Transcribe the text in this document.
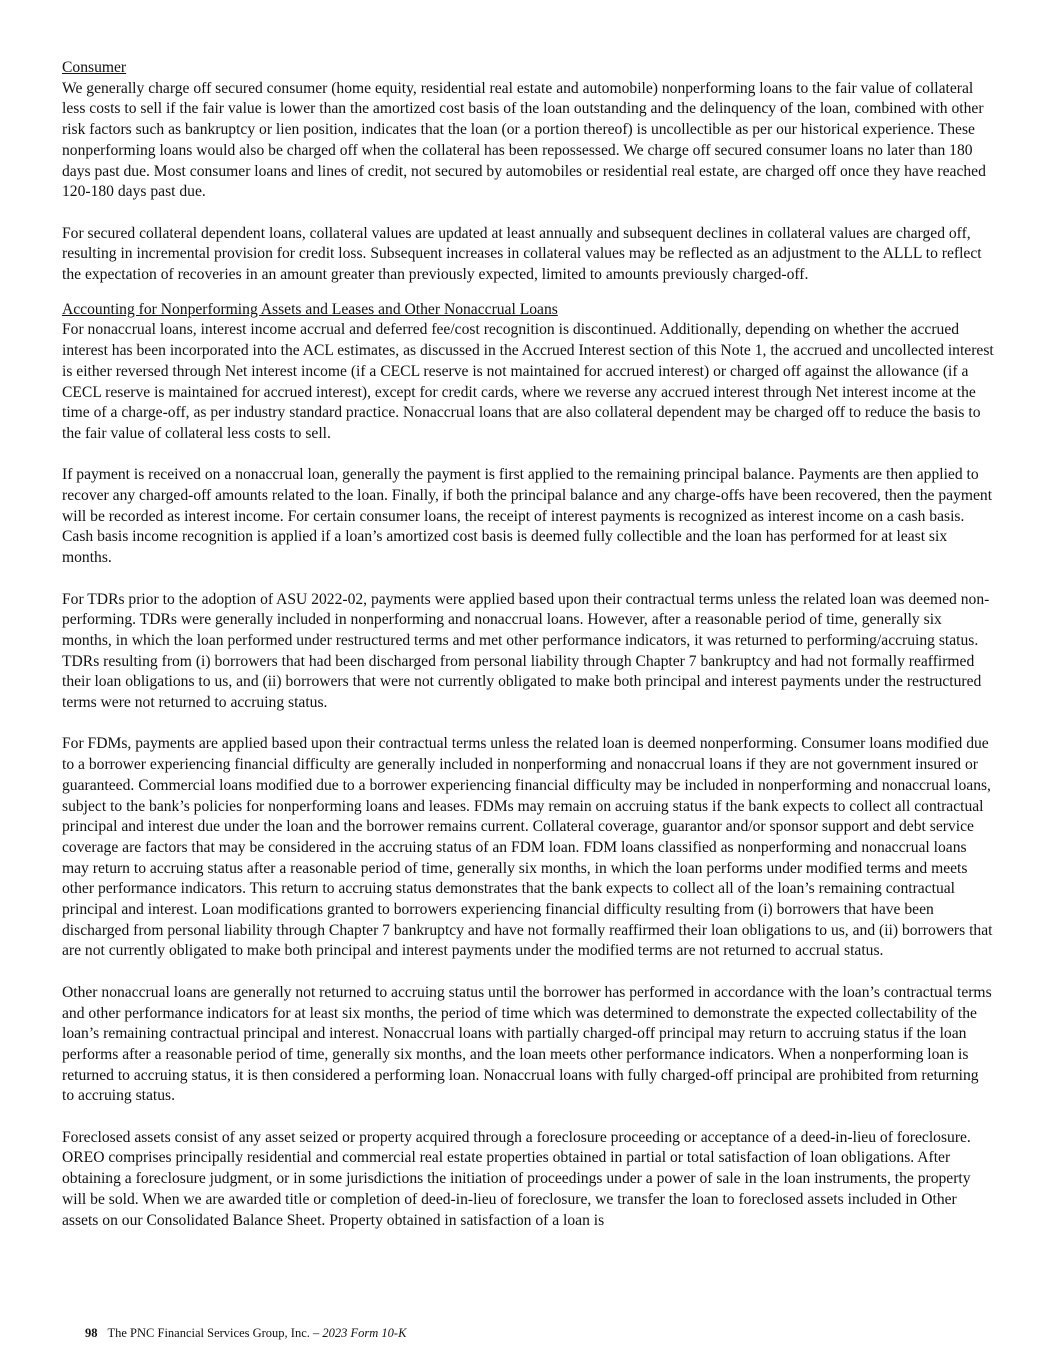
Consumer

We generally charge off secured consumer (home equity, residential real estate and automobile) nonperforming loans to the fair value of collateral less costs to sell if the fair value is lower than the amortized cost basis of the loan outstanding and the delinquency of the loan, combined with other risk factors such as bankruptcy or lien position, indicates that the loan (or a portion thereof) is uncollectible as per our historical experience. These nonperforming loans would also be charged off when the collateral has been repossessed. We charge off secured consumer loans no later than 180 days past due. Most consumer loans and lines of credit, not secured by automobiles or residential real estate, are charged off once they have reached 120-180 days past due.

For secured collateral dependent loans, collateral values are updated at least annually and subsequent declines in collateral values are charged off, resulting in incremental provision for credit loss. Subsequent increases in collateral values may be reflected as an adjustment to the ALLL to reflect the expectation of recoveries in an amount greater than previously expected, limited to amounts previously charged-off.

Accounting for Nonperforming Assets and Leases and Other Nonaccrual Loans

For nonaccrual loans, interest income accrual and deferred fee/cost recognition is discontinued. Additionally, depending on whether the accrued interest has been incorporated into the ACL estimates, as discussed in the Accrued Interest section of this Note 1, the accrued and uncollected interest is either reversed through Net interest income (if a CECL reserve is not maintained for accrued interest) or charged off against the allowance (if a CECL reserve is maintained for accrued interest), except for credit cards, where we reverse any accrued interest through Net interest income at the time of a charge-off, as per industry standard practice. Nonaccrual loans that are also collateral dependent may be charged off to reduce the basis to the fair value of collateral less costs to sell.

If payment is received on a nonaccrual loan, generally the payment is first applied to the remaining principal balance. Payments are then applied to recover any charged-off amounts related to the loan. Finally, if both the principal balance and any charge-offs have been recovered, then the payment will be recorded as interest income. For certain consumer loans, the receipt of interest payments is recognized as interest income on a cash basis. Cash basis income recognition is applied if a loan’s amortized cost basis is deemed fully collectible and the loan has performed for at least six months.

For TDRs prior to the adoption of ASU 2022-02, payments were applied based upon their contractual terms unless the related loan was deemed non-performing. TDRs were generally included in nonperforming and nonaccrual loans. However, after a reasonable period of time, generally six months, in which the loan performed under restructured terms and met other performance indicators, it was returned to performing/accruing status. TDRs resulting from (i) borrowers that had been discharged from personal liability through Chapter 7 bankruptcy and had not formally reaffirmed their loan obligations to us, and (ii) borrowers that were not currently obligated to make both principal and interest payments under the restructured terms were not returned to accruing status.

For FDMs, payments are applied based upon their contractual terms unless the related loan is deemed nonperforming. Consumer loans modified due to a borrower experiencing financial difficulty are generally included in nonperforming and nonaccrual loans if they are not government insured or guaranteed. Commercial loans modified due to a borrower experiencing financial difficulty may be included in nonperforming and nonaccrual loans, subject to the bank’s policies for nonperforming loans and leases. FDMs may remain on accruing status if the bank expects to collect all contractual principal and interest due under the loan and the borrower remains current. Collateral coverage, guarantor and/or sponsor support and debt service coverage are factors that may be considered in the accruing status of an FDM loan. FDM loans classified as nonperforming and nonaccrual loans may return to accruing status after a reasonable period of time, generally six months, in which the loan performs under modified terms and meets other performance indicators. This return to accruing status demonstrates that the bank expects to collect all of the loan’s remaining contractual principal and interest. Loan modifications granted to borrowers experiencing financial difficulty resulting from (i) borrowers that have been discharged from personal liability through Chapter 7 bankruptcy and have not formally reaffirmed their loan obligations to us, and (ii) borrowers that are not currently obligated to make both principal and interest payments under the modified terms are not returned to accrual status.

Other nonaccrual loans are generally not returned to accruing status until the borrower has performed in accordance with the loan’s contractual terms and other performance indicators for at least six months, the period of time which was determined to demonstrate the expected collectability of the loan’s remaining contractual principal and interest. Nonaccrual loans with partially charged-off principal may return to accruing status if the loan performs after a reasonable period of time, generally six months, and the loan meets other performance indicators. When a nonperforming loan is returned to accruing status, it is then considered a performing loan. Nonaccrual loans with fully charged-off principal are prohibited from returning to accruing status.

Foreclosed assets consist of any asset seized or property acquired through a foreclosure proceeding or acceptance of a deed-in-lieu of foreclosure. OREO comprises principally residential and commercial real estate properties obtained in partial or total satisfaction of loan obligations. After obtaining a foreclosure judgment, or in some jurisdictions the initiation of proceedings under a power of sale in the loan instruments, the property will be sold. When we are awarded title or completion of deed-in-lieu of foreclosure, we transfer the loan to foreclosed assets included in Other assets on our Consolidated Balance Sheet. Property obtained in satisfaction of a loan is

98 The PNC Financial Services Group, Inc. – 2023 Form 10-K
